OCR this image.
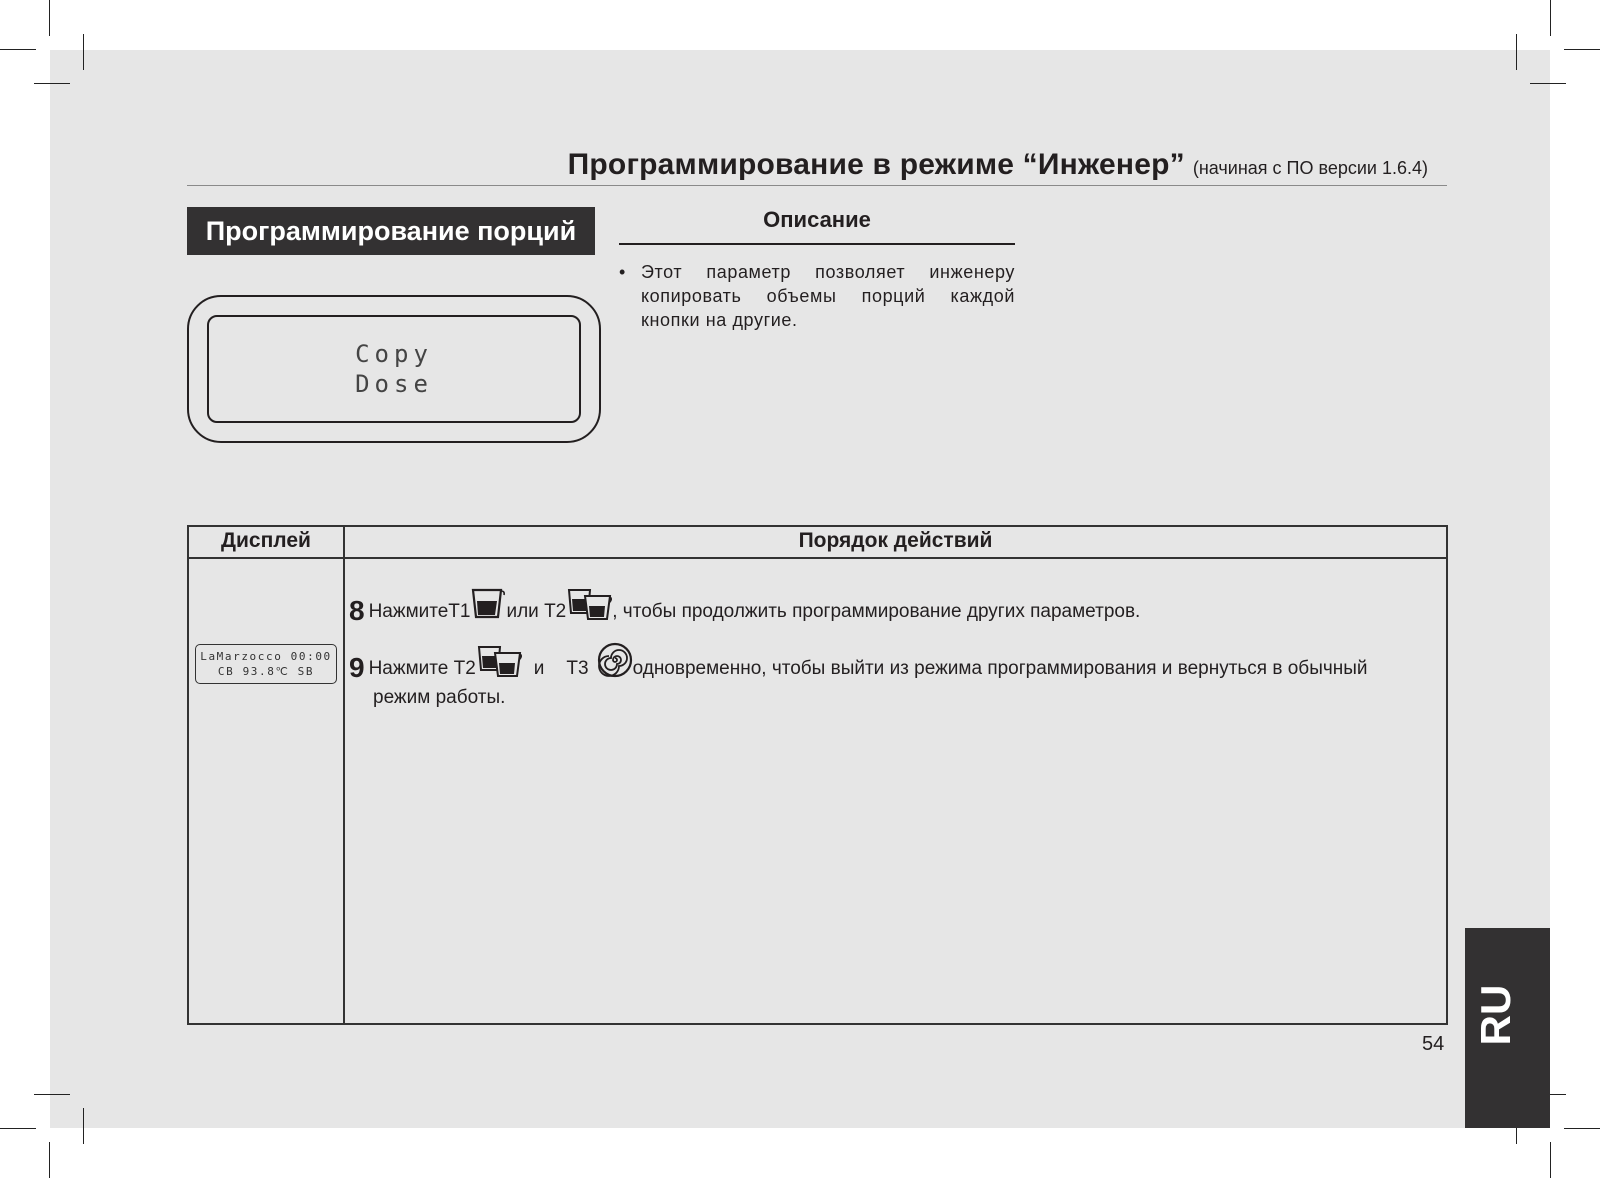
Программирование в режиме “Инженер” (начиная с ПО версии 1.6.4)
Программирование порций
Copy
Dose
Описание
• Этот параметр позволяет инженеру копировать объемы порций каждой кнопки на другие.
Дисплей	Порядок действий
LaMarzocco 00:00
CB 93.8℃ SB
8 НажмитеТ1 или Т2 , чтобы продолжить программирование других параметров.
9 Нажмите Т2	и Т3 одновременно, чтобы выйти из режима программирования и вернуться в обычный
режим работы.
RU
54
